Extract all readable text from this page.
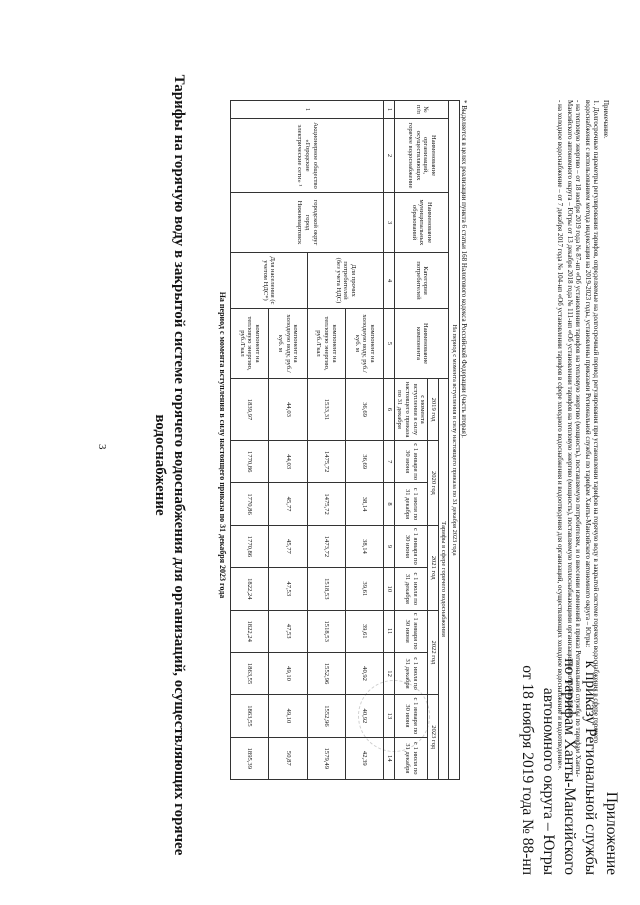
3
Приложение
к приказу Региональной службы
по тарифам Ханты-Мансийского
автономного округа – Югры
от 18 ноября 2019 года № 88-нп
Тарифы на горячую воду в закрытой системе горячего водоснабжения для организаций, осуществляющих горячее водоснабжение	На период с момента вступления в силу настоящего приказа по 31 декабря 2023 года	На период с момента вступления в силу настоящего приказа по 31 декабря 2023 года													
№ п/п	Наименование организаций, осуществляющих горячее водоснабжение	Наименование муниципальных образований	Категория потребителей	Наименование компонента	Тарифы в сфере горячего водоснабжения								
					2019 год	2020 год		2021 год		2022 год		2023 год	
					с момента вступления в силу настоящего приказа по 31 декабря	с 1 января по 30 июня	с 1 июля по 31 декабря	с 1 января по 30 июня	с 1 июля по 31 декабря	с 1 января по 30 июня	с 1 июля по 31 декабря	с 1 января по 30 июня	с 1 июля по 31 декабря
1	2	3	4	5	6	7	8	9	10	11	12	13	14
1	Акционерное общество «Городские электрические сети» ¹	городской округ город Нижневартовск	Для прочих потребителей (без учета НДС)	компонент на холодную воду, руб./куб. м	36,69	36,69	38,14	38,14	39,61	39,61	40,92	40,92	42,39
				компонент на тепловую энергию, руб./Гкал	1533,31	1475,72	1475,72	1473,72	1518,53	1518,53	1552,96	1552,96	1579,49
			Для населения (с учетом НДС*)	компонент на холодную воду, руб./куб. м	44,03	44,03	45,77	45,77	47,53	47,53	49,10	49,10	50,87
				компонент на тепловую энергию, руб./Гкал	1839,97	1770,86	1770,86	1770,86	1822,24	1822,24	1863,55	1863,55	1895,39
* Выделяется в целях реализации пункта 6 статьи 168 Налогового кодекса Российской Федерации (часть вторая).	Примечание.
1. Долгосрочные параметры регулирования тарифов, определяемые на долгосрочный период регулирования при установлении тарифов на горячую воду в закрытой системе горячего водоснабжения в сфере горячего водоснабжения с использованием метода индексации на 2019-2023 годы, установлены приказами Региональной службы по тарифам Ханты-Мансийского автономного округа – Югры:
- на тепловую энергию – от 18 ноября 2019 года № 87-нп «Об установлении тарифов на тепловую энергию (мощность), поставляемую потребителям, и о внесении изменений в приказ Региональной службы по тарифам Ханты-Мансийского автономного округа – Югры от 13 декабря 2018 года № 111-нп «Об установлении тарифов на тепловую энергию (мощность), поставляемую теплоснабжающими организациями потребителям»;
- на холодное водоснабжение – от 7 декабря 2017 года № 104-нп «Об установлении тарифов в сфере холодного водоснабжения и водоотведения для организаций, осуществляющих холодное водоснабжение и водоотведение».
